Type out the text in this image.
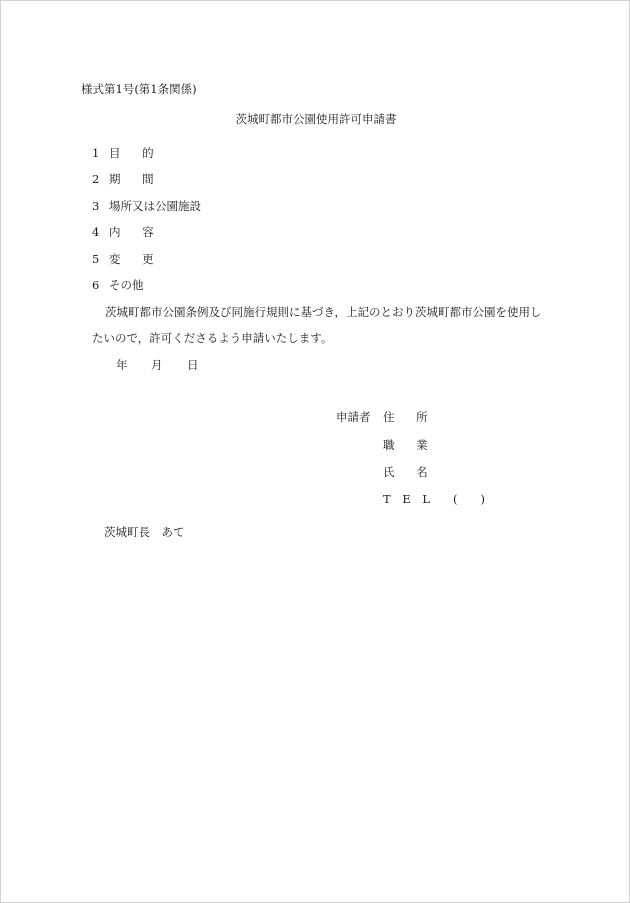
様式第1号(第1条関係)
茨城町都市公園使用許可申請書
1 目 的
2 期 間
3 場所又は公園施設
4 内 容
5 変 更
6 その他
茨城町都市公園条例及び同施行規則に基づき，上記のとおり茨城町都市公園を使用し
たいので，許可くださるよう申請いたします。
年 月 日
申請者 住 所
職 業
氏 名
T E L (　　)
茨城町長　あて
